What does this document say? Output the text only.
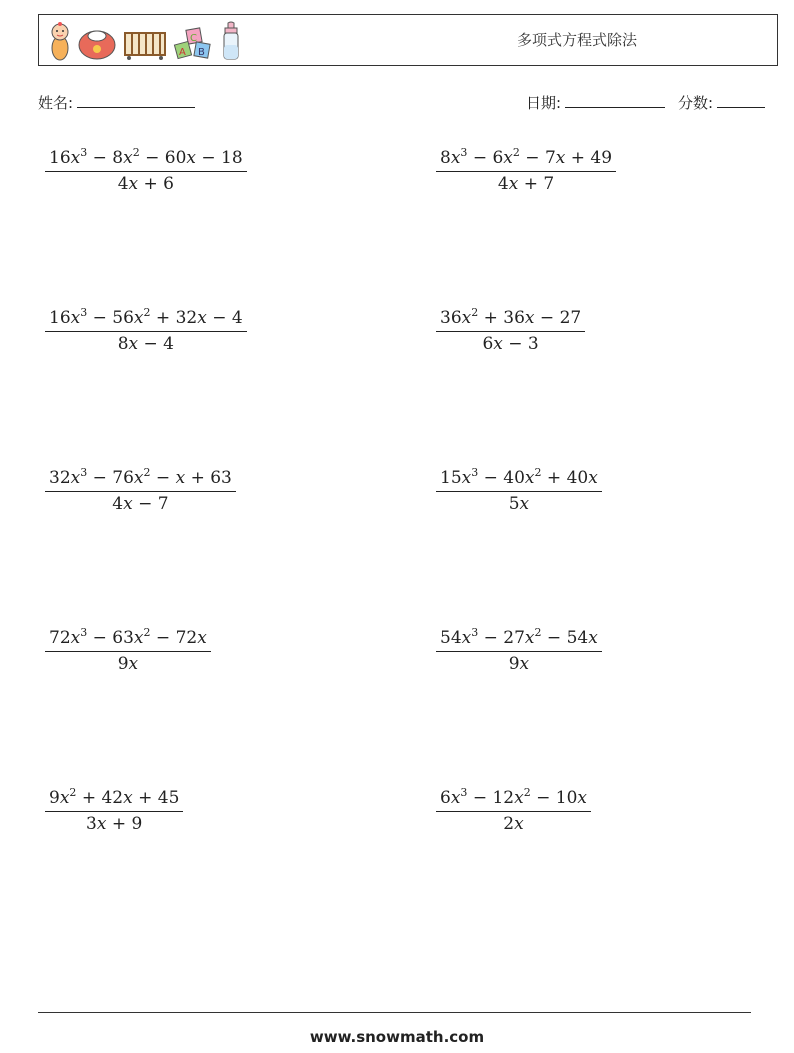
C
A B
多项式方程式除法
姓名:	日期:	分数:
$16x^3 - 8x^2 - 60x - 18$
4x + 6
$8x^3 - 6x^2 - 7x + 49$
4x + 7
$16x^3 - 56x^2 + 32x - 4$
8x − 4
$36x^2 + 36x - 27$
6x − 3
$32x^3 - 76x^2 - x + 63$
4x − 7
$15x^3 - 40x^2 + 40x$
5x
$72x^3 - 63x^2 - 72x$
9x
$54x^3 - 27x^2 - 54x$
9x
$9x^2 + 42x + 45$
3x + 9
$6x^3 - 12x^2 - 10x$
2x
www.snowmath.com
